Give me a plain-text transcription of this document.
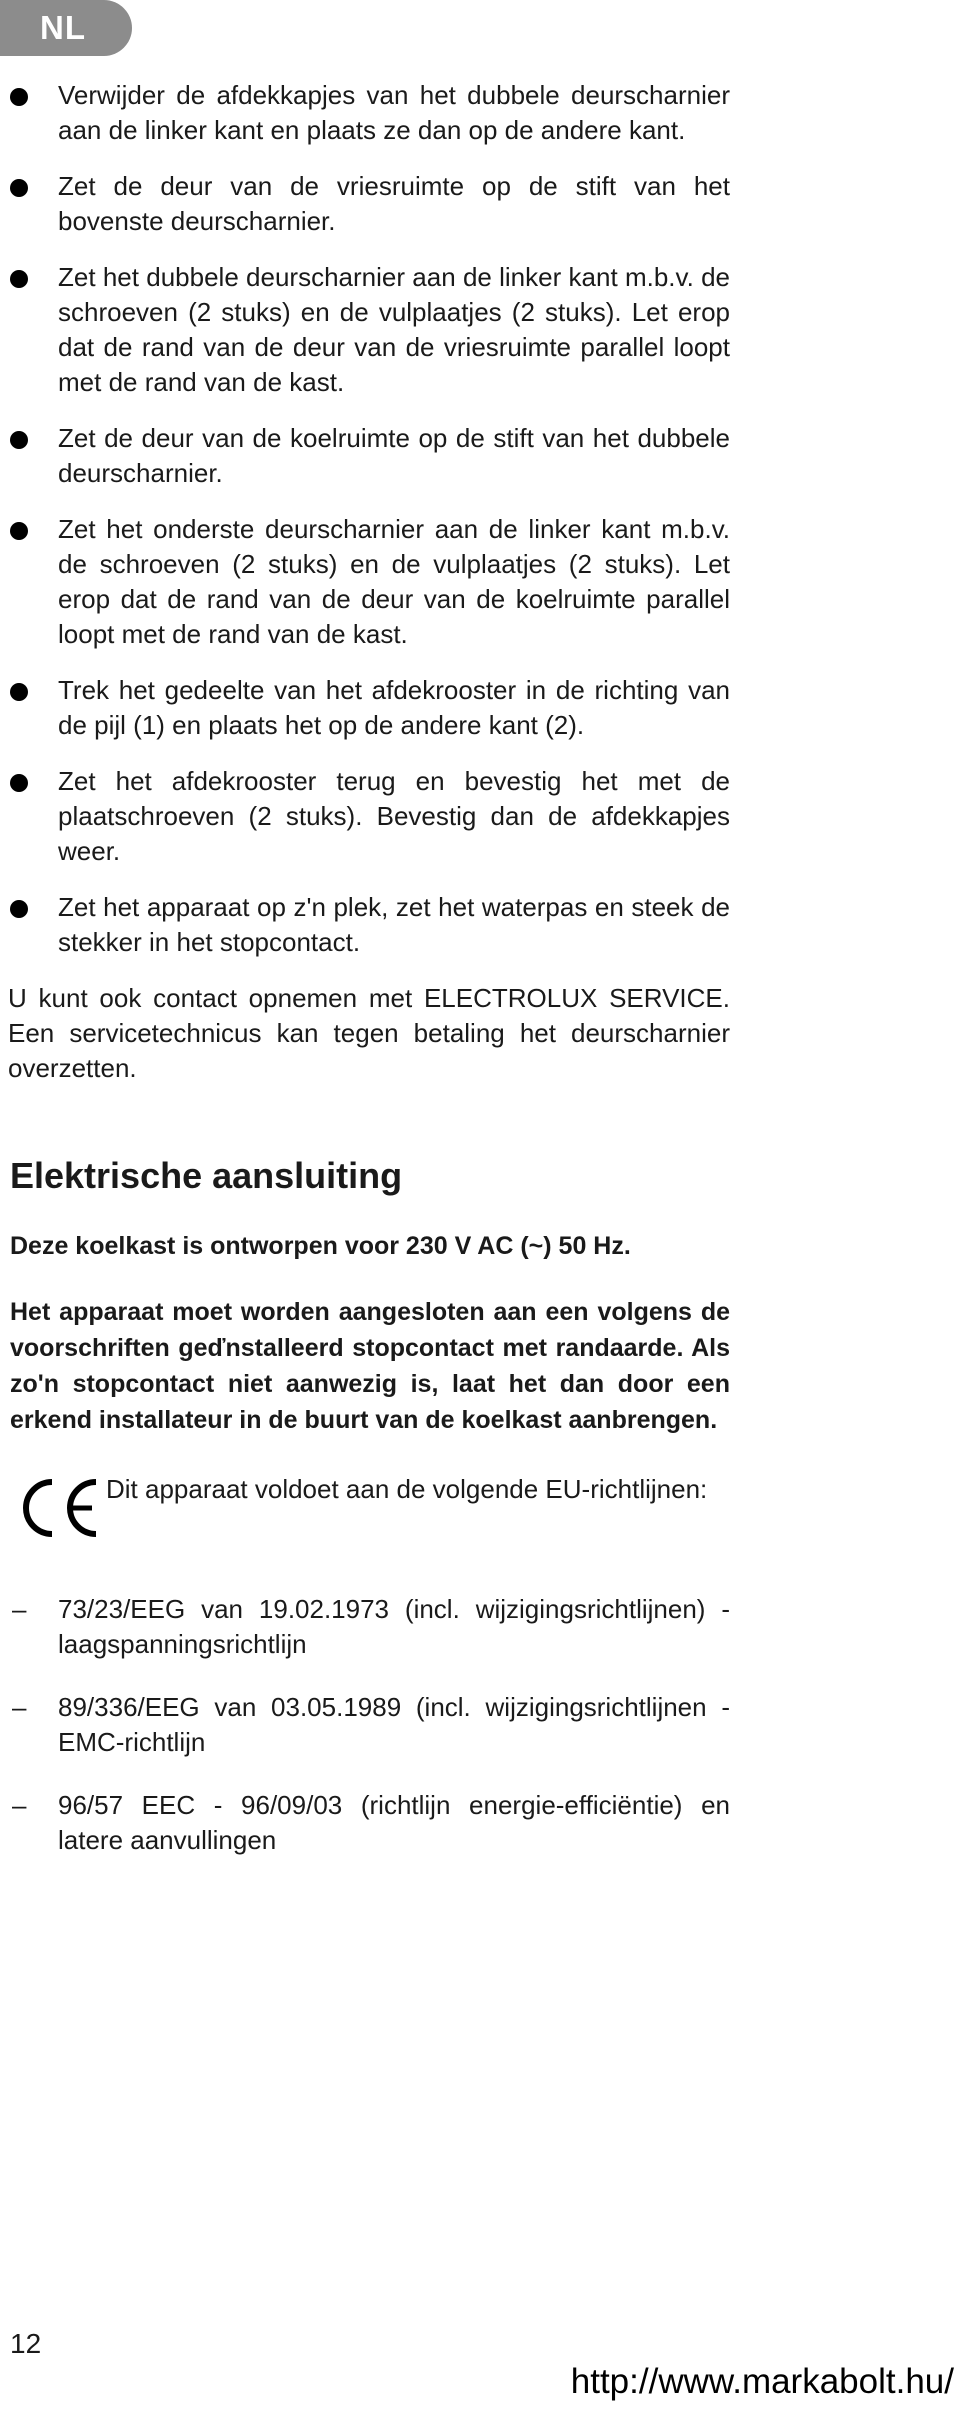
NL
Verwijder de afdekkapjes van het dubbele deurscharnier aan de linker kant en plaats ze dan op de andere kant.
Zet de deur van de vriesruimte op de stift van het bovenste deurscharnier.
Zet het dubbele deurscharnier aan de linker kant m.b.v. de schroeven (2 stuks) en de vulplaatjes (2 stuks). Let erop dat de rand van de deur van de vriesruimte parallel loopt met de rand van de kast.
Zet de deur van de koelruimte op de stift van het dubbele deurscharnier.
Zet het onderste deurscharnier aan de linker kant m.b.v. de schroeven (2 stuks) en de vulplaatjes (2 stuks). Let erop dat de rand van de deur van de koelruimte parallel loopt met de rand van de kast.
Trek het gedeelte van het afdekrooster in de richting van de pijl (1) en plaats het op de andere kant (2).
Zet het afdekrooster terug en bevestig het met de plaatschroeven (2 stuks). Bevestig dan de afdekkapjes weer.
Zet het apparaat op z'n plek, zet het waterpas en steek de stekker in het stopcontact.

U kunt ook contact opnemen met ELECTROLUX SERVICE. Een servicetechnicus kan tegen betaling het deurscharnier overzetten.

Elektrische aansluiting

Deze koelkast is ontworpen voor 230 V AC (~) 50 Hz.

Het apparaat moet worden aangesloten aan een volgens de voorschriften geďnstalleerd stopcontact met randaarde. Als zo'n stopcontact niet aanwezig is, laat het dan door een erkend installateur in de buurt van de koelkast aanbrengen.

Dit apparaat voldoet aan de volgende EU-richtlijnen:
– 73/23/EEG van 19.02.1973 (incl. wijzigingsrichtlijnen) - laagspanningsrichtlijn
– 89/336/EEG van 03.05.1989 (incl. wijzigingsrichtlijnen - EMC-richtlijn
– 96/57 EEC - 96/09/03 (richtlijn energie-efficiëntie) en latere aanvullingen
12
http://www.markabolt.hu/
